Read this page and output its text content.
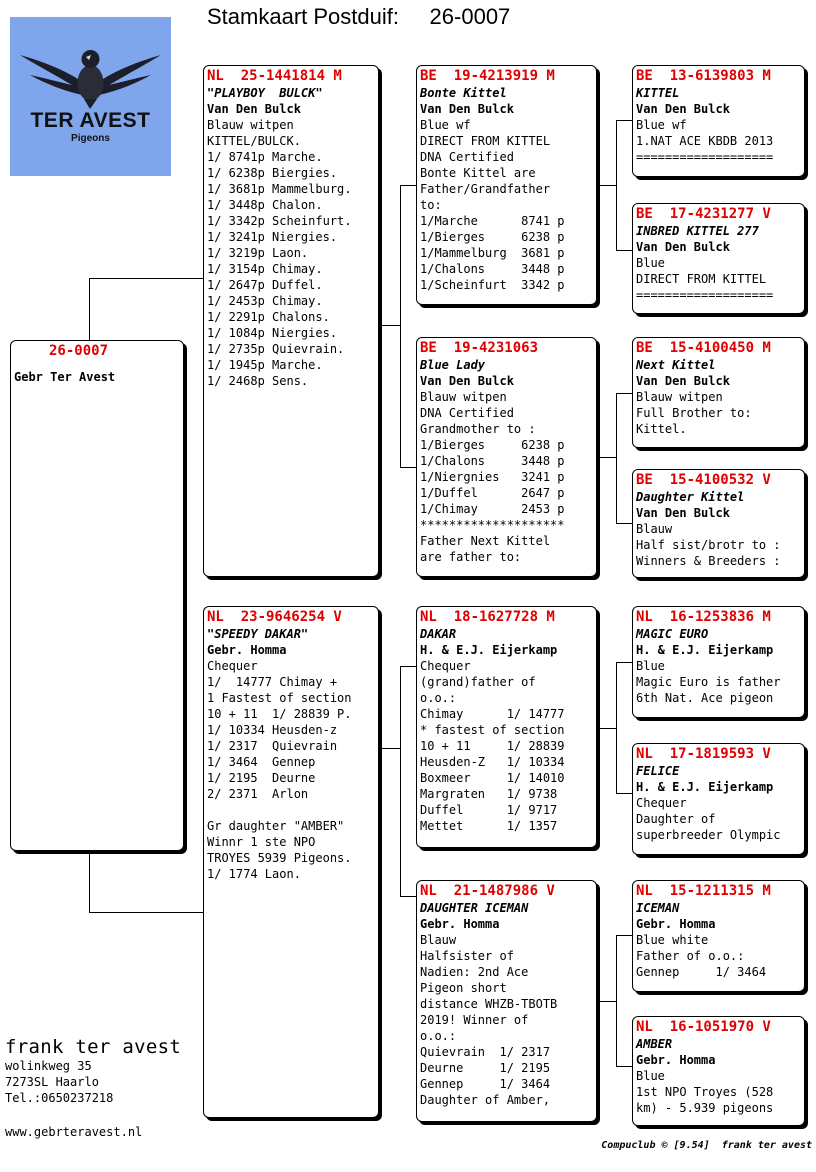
Stamkaart Postduif: 26-0007
TER AVEST
Pigeons
26-0007
Gebr Ter Avest
NL  25-1441814 M
"PLAYBOY  BULCK"
Van Den Bulck
Blauw witpen
KITTEL/BULCK.
1/ 8741p Marche.
1/ 6238p Biergies.
1/ 3681p Mammelburg.
1/ 3448p Chalon.
1/ 3342p Scheinfurt.
1/ 3241p Niergies.
1/ 3219p Laon.
1/ 3154p Chimay.
1/ 2647p Duffel.
1/ 2453p Chimay.
1/ 2291p Chalons.
1/ 1084p Niergies.
1/ 2735p Quievrain.
1/ 1945p Marche.
1/ 2468p Sens.
NL  23-9646254 V
"SPEEDY DAKAR"
Gebr. Homma
Chequer
1/  14777 Chimay +
1 Fastest of section
10 + 11  1/ 28839 P.
1/ 10334 Heusden-z
1/ 2317  Quievrain
1/ 3464  Gennep
1/ 2195  Deurne
2/ 2371  Arlon

Gr daughter "AMBER"
Winnr 1 ste NPO
TROYES 5939 Pigeons.
1/ 1774 Laon.
BE  19-4213919 M
Bonte Kittel
Van Den Bulck
Blue wf
DIRECT FROM KITTEL
DNA Certified
Bonte Kittel are
Father/Grandfather
to:
1/Marche      8741 p
1/Bierges     6238 p
1/Mammelburg  3681 p
1/Chalons     3448 p
1/Scheinfurt  3342 p
BE  19-4231063
Blue Lady
Van Den Bulck
Blauw witpen
DNA Certified
Grandmother to :
1/Bierges     6238 p
1/Chalons     3448 p
1/Niergnies   3241 p
1/Duffel      2647 p
1/Chimay      2453 p
********************
Father Next Kittel
are father to:
NL  18-1627728 M
DAKAR
H. & E.J. Eijerkamp
Chequer
(grand)father of
o.o.:
Chimay      1/ 14777
* fastest of section
10 + 11     1/ 28839
Heusden-Z   1/ 10334
Boxmeer     1/ 14010
Margraten   1/ 9738
Duffel      1/ 9717
Mettet      1/ 1357
NL  21-1487986 V
DAUGHTER ICEMAN
Gebr. Homma
Blauw
Halfsister of
Nadien: 2nd Ace
Pigeon short
distance WHZB-TBOTB
2019! Winner of
o.o.:
Quievrain  1/ 2317
Deurne     1/ 2195
Gennep     1/ 3464
Daughter of Amber,
BE  13-6139803 M
KITTEL
Van Den Bulck
Blue wf
1.NAT ACE KBDB 2013
===================
BE  17-4231277 V
INBRED KITTEL 277
Van Den Bulck
Blue
DIRECT FROM KITTEL
===================
BE  15-4100450 M
Next Kittel
Van Den Bulck
Blauw witpen
Full Brother to:
Kittel.
BE  15-4100532 V
Daughter Kittel
Van Den Bulck
Blauw
Half sist/brotr to :
Winners & Breeders :
NL  16-1253836 M
MAGIC EURO
H. & E.J. Eijerkamp
Blue
Magic Euro is father
6th Nat. Ace pigeon
NL  17-1819593 V
FELICE
H. & E.J. Eijerkamp
Chequer
Daughter of
superbreeder Olympic
NL  15-1211315 M
ICEMAN
Gebr. Homma
Blue white
Father of o.o.:
Gennep     1/ 3464
NL  16-1051970 V
AMBER
Gebr. Homma
Blue
1st NPO Troyes (528
km) - 5.939 pigeons
frank ter avest
wolinkweg 35
7273SL Haarlo
Tel.:0650237218
www.gebrteravest.nl
Compuclub © [9.54]  frank ter avest
